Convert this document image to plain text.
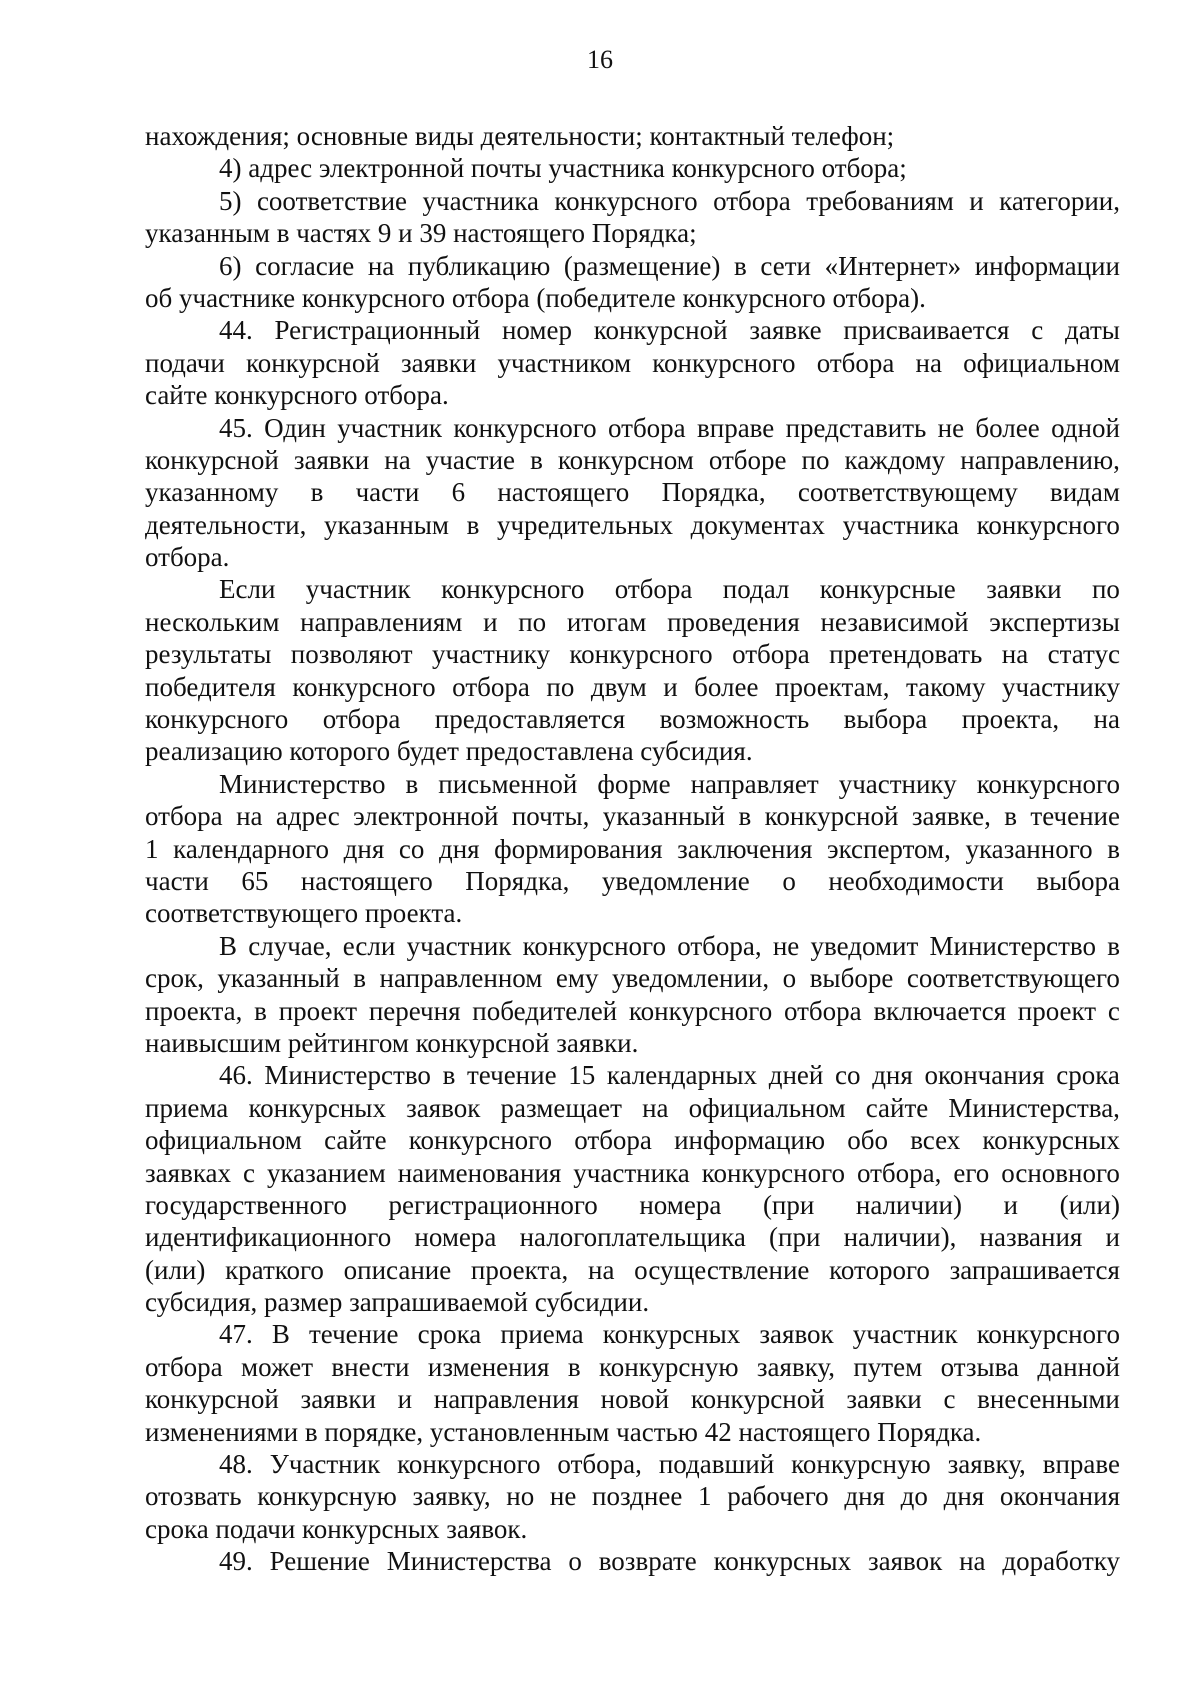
16
нахождения; основные виды деятельности; контактный телефон;
4) адрес электронной почты участника конкурсного отбора;
5) соответствие участника конкурсного отбора требованиям и категории,
указанным в частях 9 и 39 настоящего Порядка;
6) согласие на публикацию (размещение) в сети «Интернет» информации
об участнике конкурсного отбора (победителе конкурсного отбора).
44. Регистрационный номер конкурсной заявке присваивается с даты
подачи конкурсной заявки участником конкурсного отбора на официальном
сайте конкурсного отбора.
45. Один участник конкурсного отбора вправе представить не более одной
конкурсной заявки на участие в конкурсном отборе по каждому направлению,
указанному в части 6 настоящего Порядка, соответствующему видам
деятельности, указанным в учредительных документах участника конкурсного
отбора.
Если участник конкурсного отбора подал конкурсные заявки по
нескольким направлениям и по итогам проведения независимой экспертизы
результаты позволяют участнику конкурсного отбора претендовать на статус
победителя конкурсного отбора по двум и более проектам, такому участнику
конкурсного отбора предоставляется возможность выбора проекта, на
реализацию которого будет предоставлена субсидия.
Министерство в письменной форме направляет участнику конкурсного
отбора на адрес электронной почты, указанный в конкурсной заявке, в течение
1 календарного дня со дня формирования заключения экспертом, указанного в
части 65 настоящего Порядка, уведомление о необходимости выбора
соответствующего проекта.
В случае, если участник конкурсного отбора, не уведомит Министерство в
срок, указанный в направленном ему уведомлении, о выборе соответствующего
проекта, в проект перечня победителей конкурсного отбора включается проект с
наивысшим рейтингом конкурсной заявки.
46. Министерство в течение 15 календарных дней со дня окончания срока
приема конкурсных заявок размещает на официальном сайте Министерства,
официальном сайте конкурсного отбора информацию обо всех конкурсных
заявках с указанием наименования участника конкурсного отбора, его основного
государственного регистрационного номера (при наличии) и (или)
идентификационного номера налогоплательщика (при наличии), названия и
(или) краткого описание проекта, на осуществление которого запрашивается
субсидия, размер запрашиваемой субсидии.
47. В течение срока приема конкурсных заявок участник конкурсного
отбора может внести изменения в конкурсную заявку, путем отзыва данной
конкурсной заявки и направления новой конкурсной заявки с внесенными
изменениями в порядке, установленным частью 42 настоящего Порядка.
48. Участник конкурсного отбора, подавший конкурсную заявку, вправе
отозвать конкурсную заявку, но не позднее 1 рабочего дня до дня окончания
срока подачи конкурсных заявок.
49. Решение Министерства о возврате конкурсных заявок на доработку
